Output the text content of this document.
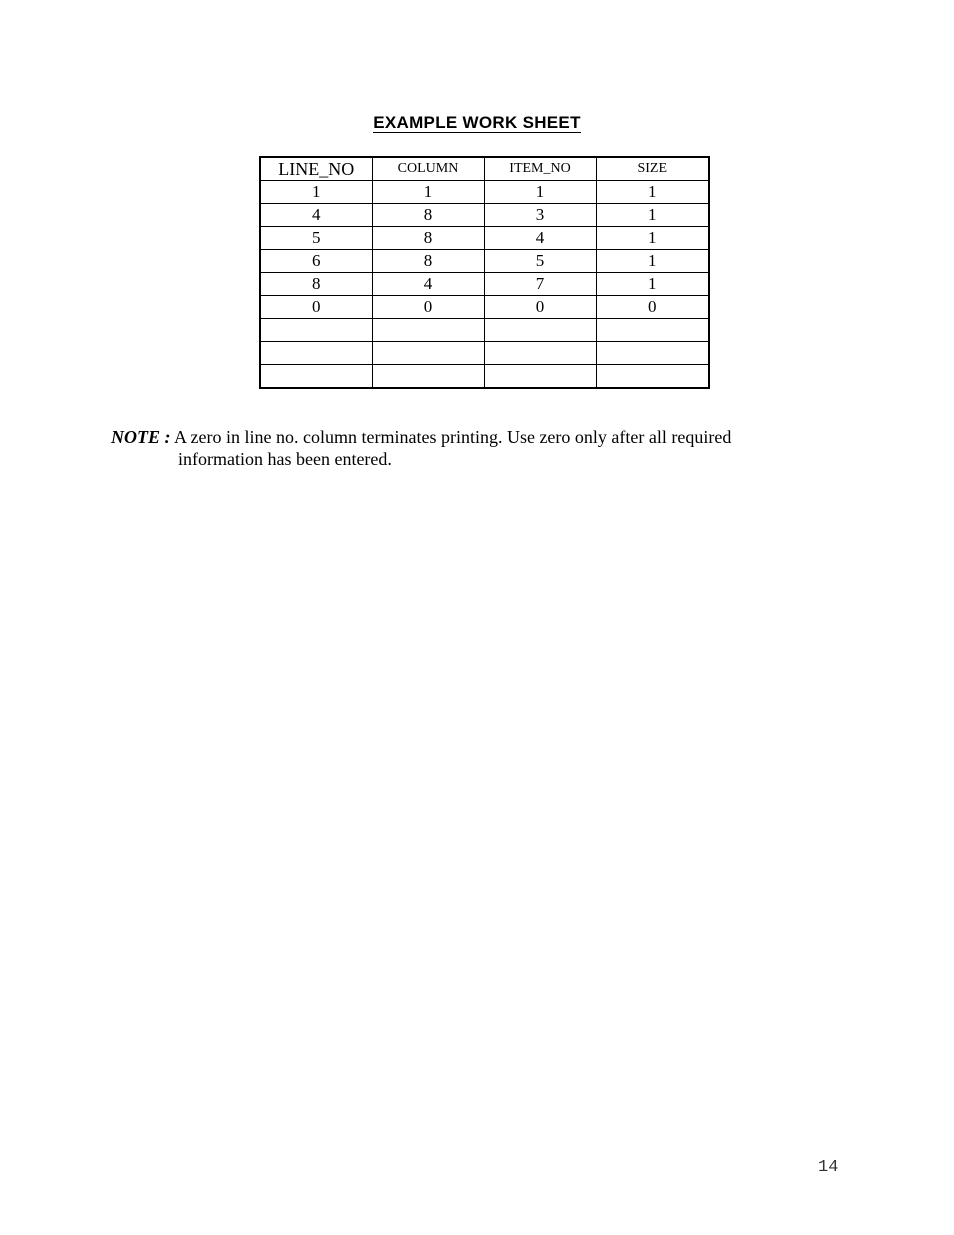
EXAMPLE WORK SHEET
LINE_NO	COLUMN	ITEM_NO	SIZE
1	1	1	1
4	8	3	1
5	8	4	1
6	8	5	1
8	4	7	1
0	0	0	0

NOTE : A zero in line no. column terminates printing. Use zero only after all required
information has been entered.
14
